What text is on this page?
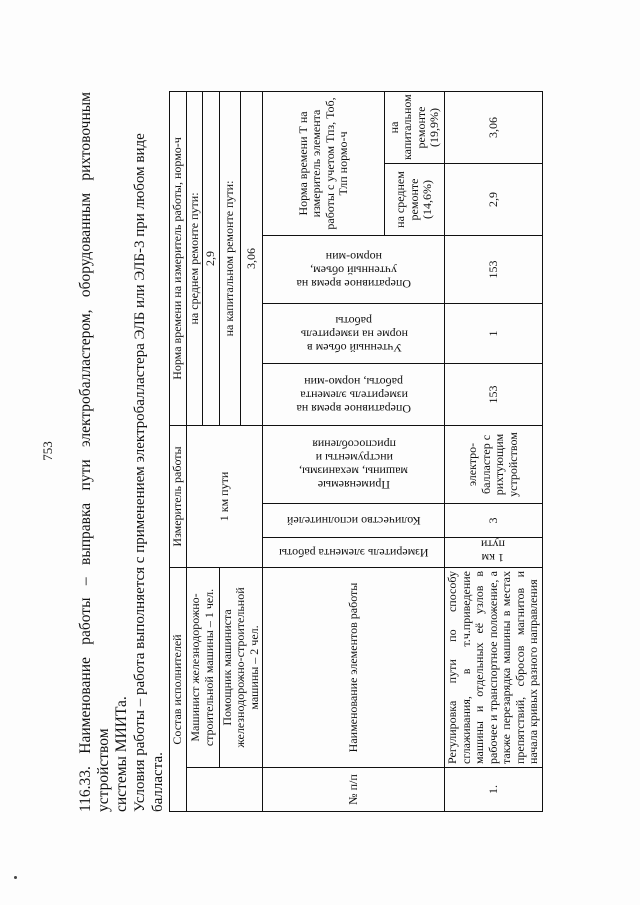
753 116.33. Наименование работы – выправка пути электробалластером, оборудованным рихтовочным устройством системы МИИТа. Условия работы – работа выполняется с применением электробалластера ЭЛБ или ЭЛБ-3 при любом виде балласта.

Состав исполнителей		Измеритель работы			Норма времени на измеритель работы, нормо-ч				
	Машинист железнодорожно-строительной машины – 1 чел.	1 км пути			на среднем ремонте пути:				
					2,9				
	Помощник машиниста железнодорожно-строительной машины – 2 чел.				на капитальном ремонте пути:				
					3,06				
№ п/п	Наименование элементов работы	Измеритель элемента работы	Количество исполнителей	Применяемые машины, механизмы, инструменты и приспособления	Оперативное время на измеритель элемента работы, нормо-мин	Учтенный объем в норме на измеритель работы	Оперативное время на учтенный объем, нормо-мин	Норма времени Т на измеритель элемента работы с учетом Тпз, Тоб, Тлп нормо-ч	
								на среднем ремонте (14,6%)	на капитальном ремонте (19,9%)
1.	Регулировка пути по способу сглаживания, в т.ч.приведение машины и отдельных её узлов в рабочее и транспортное положение, а также перезарядка машины в местах препятствий, сбросов магнитов и начала кривых разного направления	1 км пути	3	электро-балластер с рихтующим устройством	153	1	153	2,9	3,06
